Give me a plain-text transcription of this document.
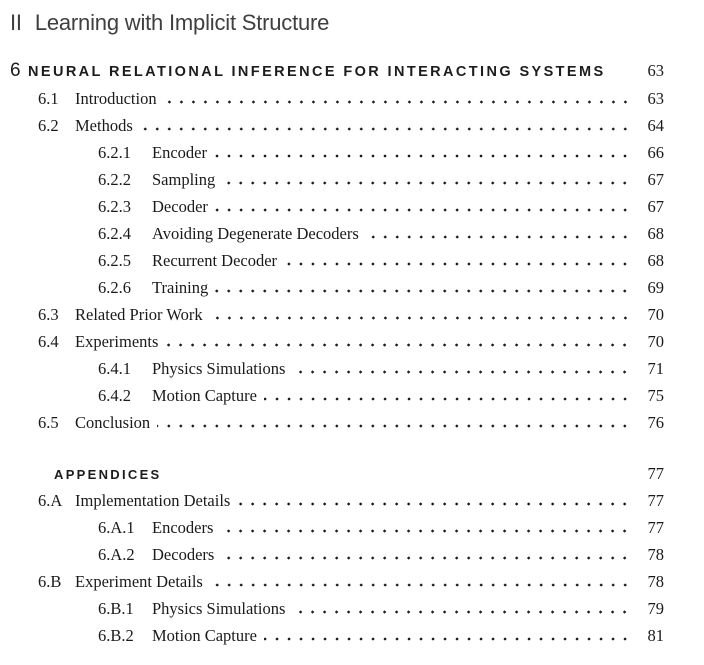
II Learning with Implicit Structure
6 NEURAL RELATIONAL INFERENCE FOR INTERACTING SYSTEMS	63
6.1 Introduction	63
6.2 Methods	64
6.2.1	Encoder	66
6.2.2	Sampling	67
6.2.3	Decoder	67
6.2.4	Avoiding Degenerate Decoders	68
6.2.5	Recurrent Decoder	68
6.2.6	Training	69
6.3 Related Prior Work	70
6.4 Experiments	70
6.4.1	Physics Simulations	71
6.4.2	Motion Capture	75
6.5 Conclusion	76
APPENDICES	77
6.A Implementation Details	77
6.A.1	Encoders	77
6.A.2	Decoders	78
6.B Experiment Details	78
6.B.1	Physics Simulations	79
6.B.2	Motion Capture	81
